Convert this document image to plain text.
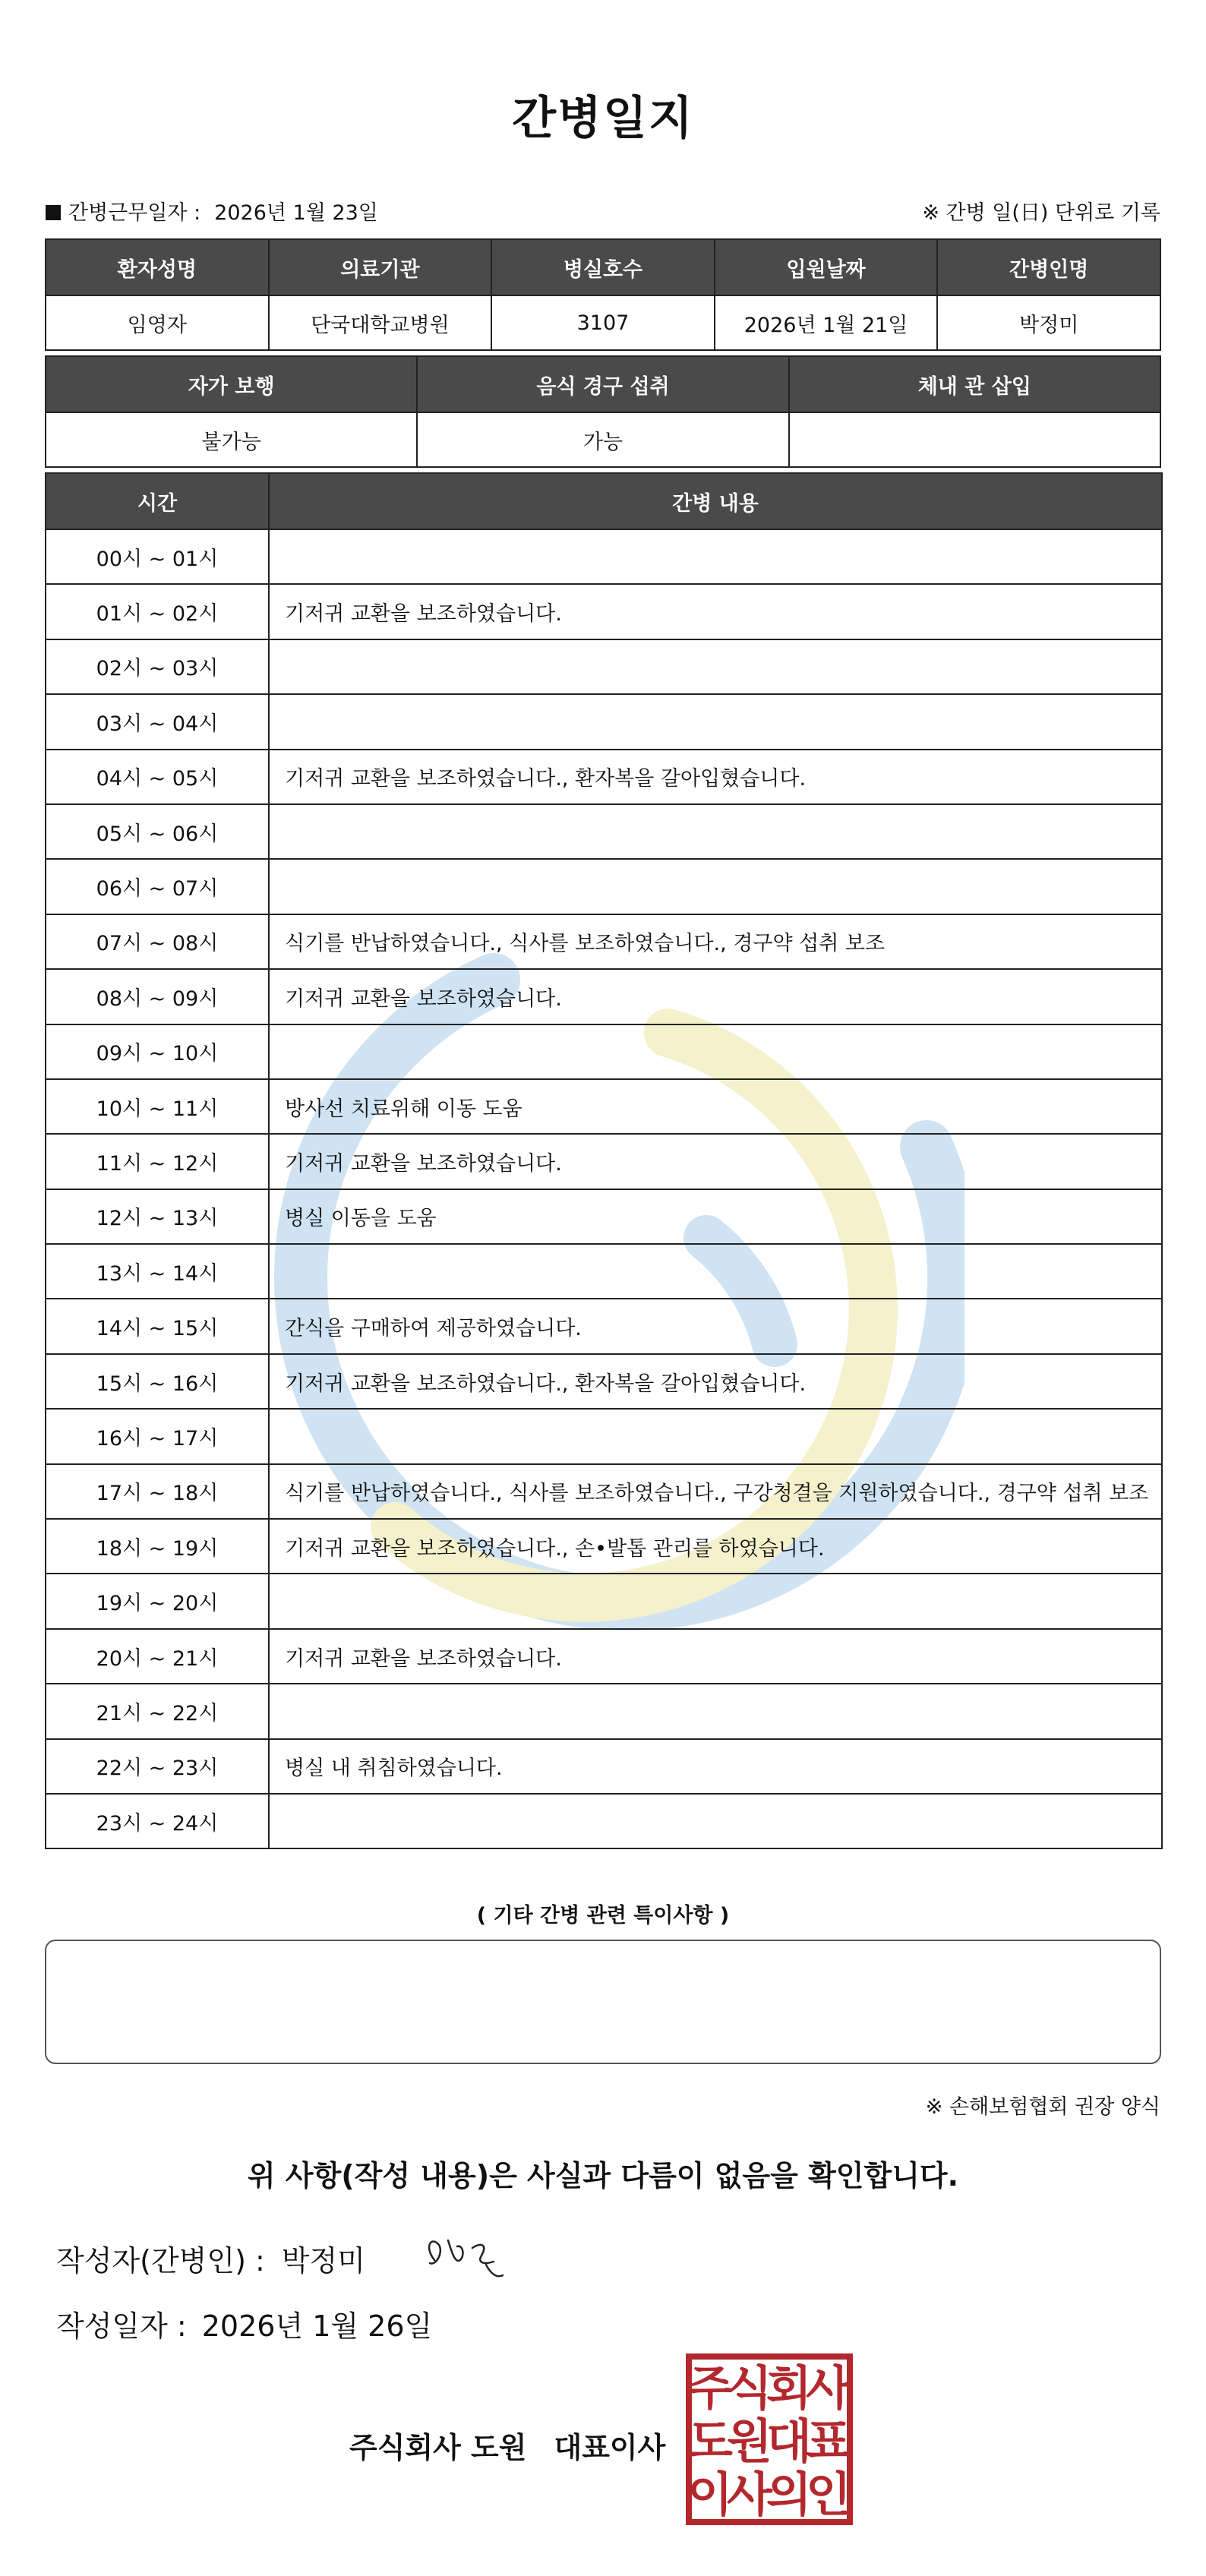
간병일지
간병근무일자 : 2026년 1월 23일	※ 간병 일(日) 단위로 기록
환자성명	의료기관	병실호수	입원날짜	간병인명
임영자	단국대학교병원	3107	2026년 1월 21일	박정미
자가 보행	음식 경구 섭취	체내 관 삽입
불가능	가능	
시간	간병 내용
00시 ~ 01시	
01시 ~ 02시	기저귀 교환을 보조하였습니다.
02시 ~ 03시	
03시 ~ 04시	
04시 ~ 05시	기저귀 교환을 보조하였습니다., 환자복을 갈아입혔습니다.
05시 ~ 06시	
06시 ~ 07시	
07시 ~ 08시	식기를 반납하였습니다., 식사를 보조하였습니다., 경구약 섭취 보조
08시 ~ 09시	기저귀 교환을 보조하였습니다.
09시 ~ 10시	
10시 ~ 11시	방사선 치료위해 이동 도움
11시 ~ 12시	기저귀 교환을 보조하였습니다.
12시 ~ 13시	병실 이동을 도움
13시 ~ 14시	
14시 ~ 15시	간식을 구매하여 제공하였습니다.
15시 ~ 16시	기저귀 교환을 보조하였습니다., 환자복을 갈아입혔습니다.
16시 ~ 17시	
17시 ~ 18시	식기를 반납하였습니다., 식사를 보조하였습니다., 구강청결을 지원하였습니다., 경구약 섭취 보조
18시 ~ 19시	기저귀 교환을 보조하였습니다., 손•발톱 관리를 하였습니다.
19시 ~ 20시	
20시 ~ 21시	기저귀 교환을 보조하였습니다.
21시 ~ 22시	
22시 ~ 23시	병실 내 취침하였습니다.
23시 ~ 24시	
( 기타 간병 관련 특이사항 )
※ 손해보험협회 권장 양식
위 사항(작성 내용)은 사실과 다름이 없음을 확인합니다.
작성자(간병인) : 박정미
작성일자 : 2026년 1월 26일
주식회사 도원 대표이사
주
식
회
사
도
원
대
표
이
사
의
인
